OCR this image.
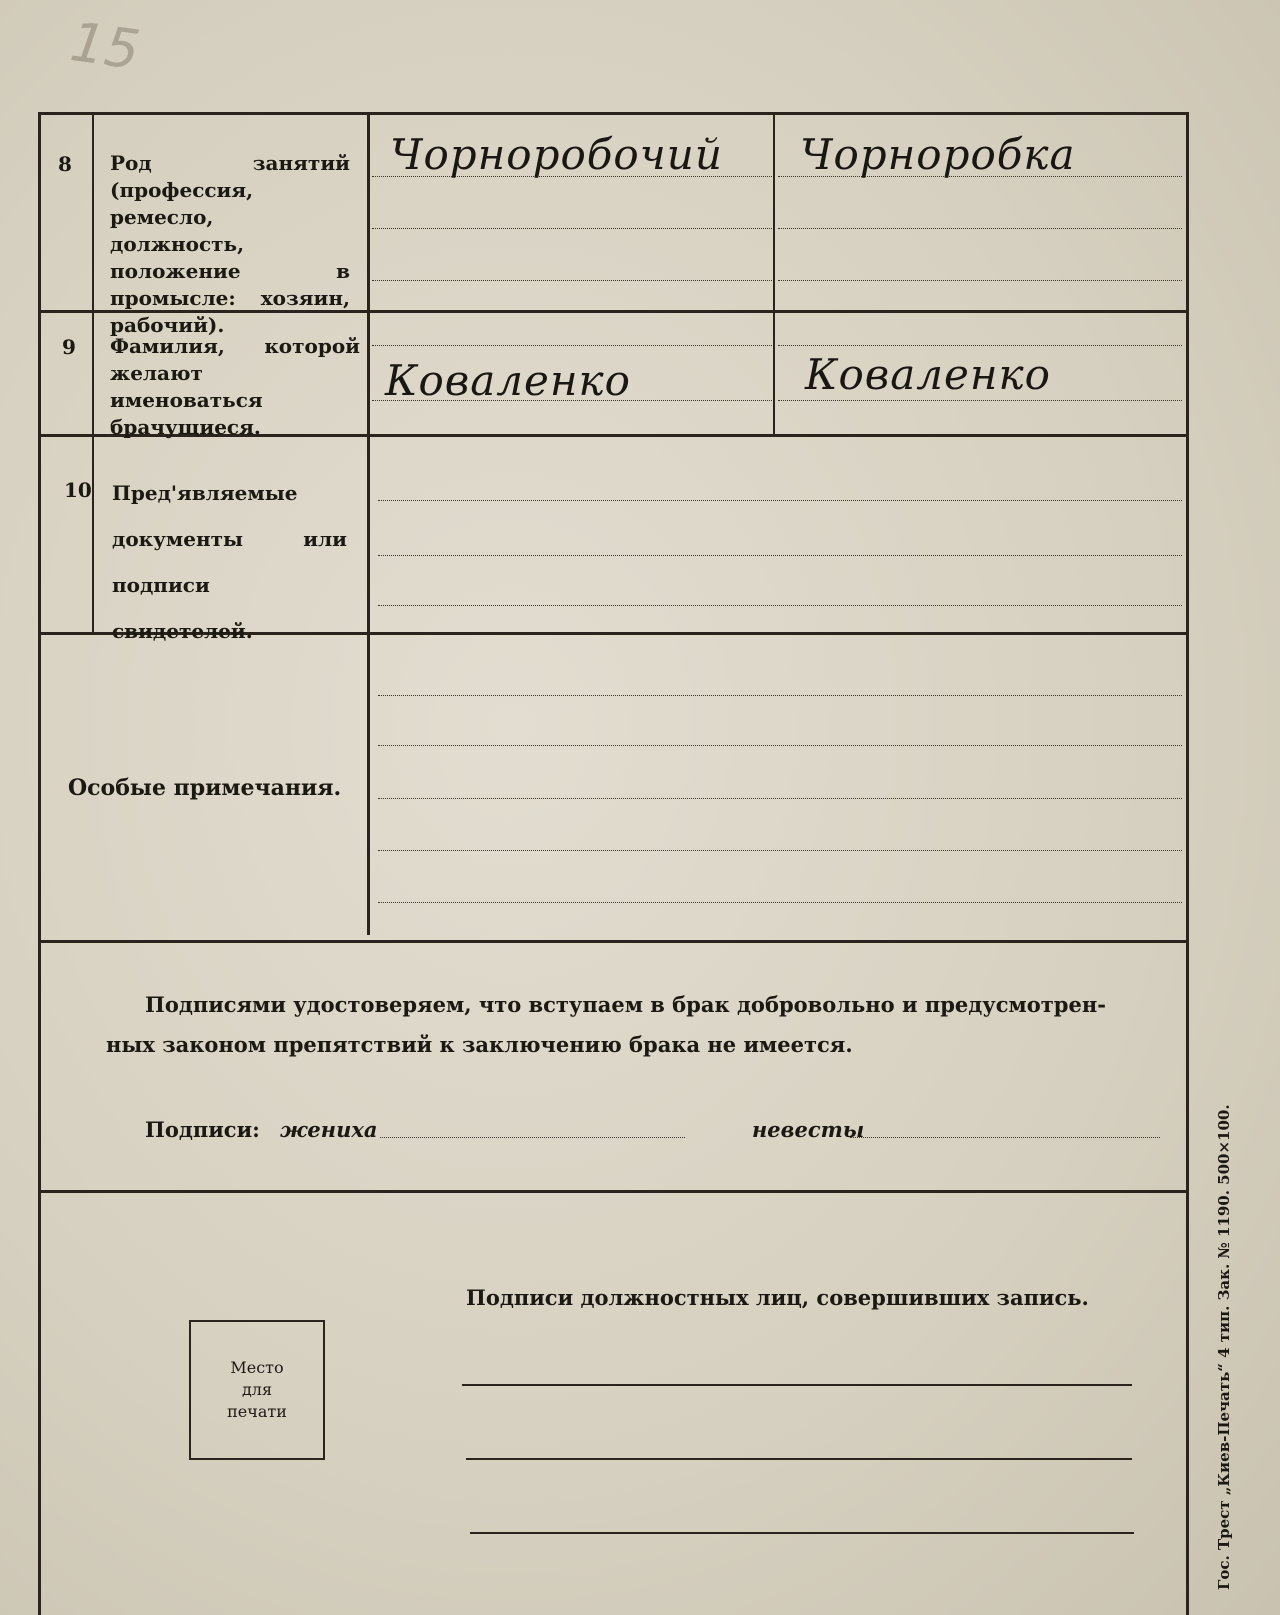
15
8 Род занятий (профессия, ремесло, должность, положение в промысле: хозяин, рабочий).
Чорноробочий Чорноробка
9 Фамилия, которой желают именоваться брачущиеся.
Коваленко	Коваленко
10 Пред'являемые документы или подписи свидетелей.
Особые примечания.
Подписями удостоверяем, что вступаем в брак добровольно и предусмотрен-
ных законом препятствий к заключению брака не имеется.
Подписи: жениха	невесты
Подписи должностных лиц, совершивших запись.
Место
для
печати	Гос. Трест „Киев-Печать“ 4 тип. Зак. № 1190. 500×100.
